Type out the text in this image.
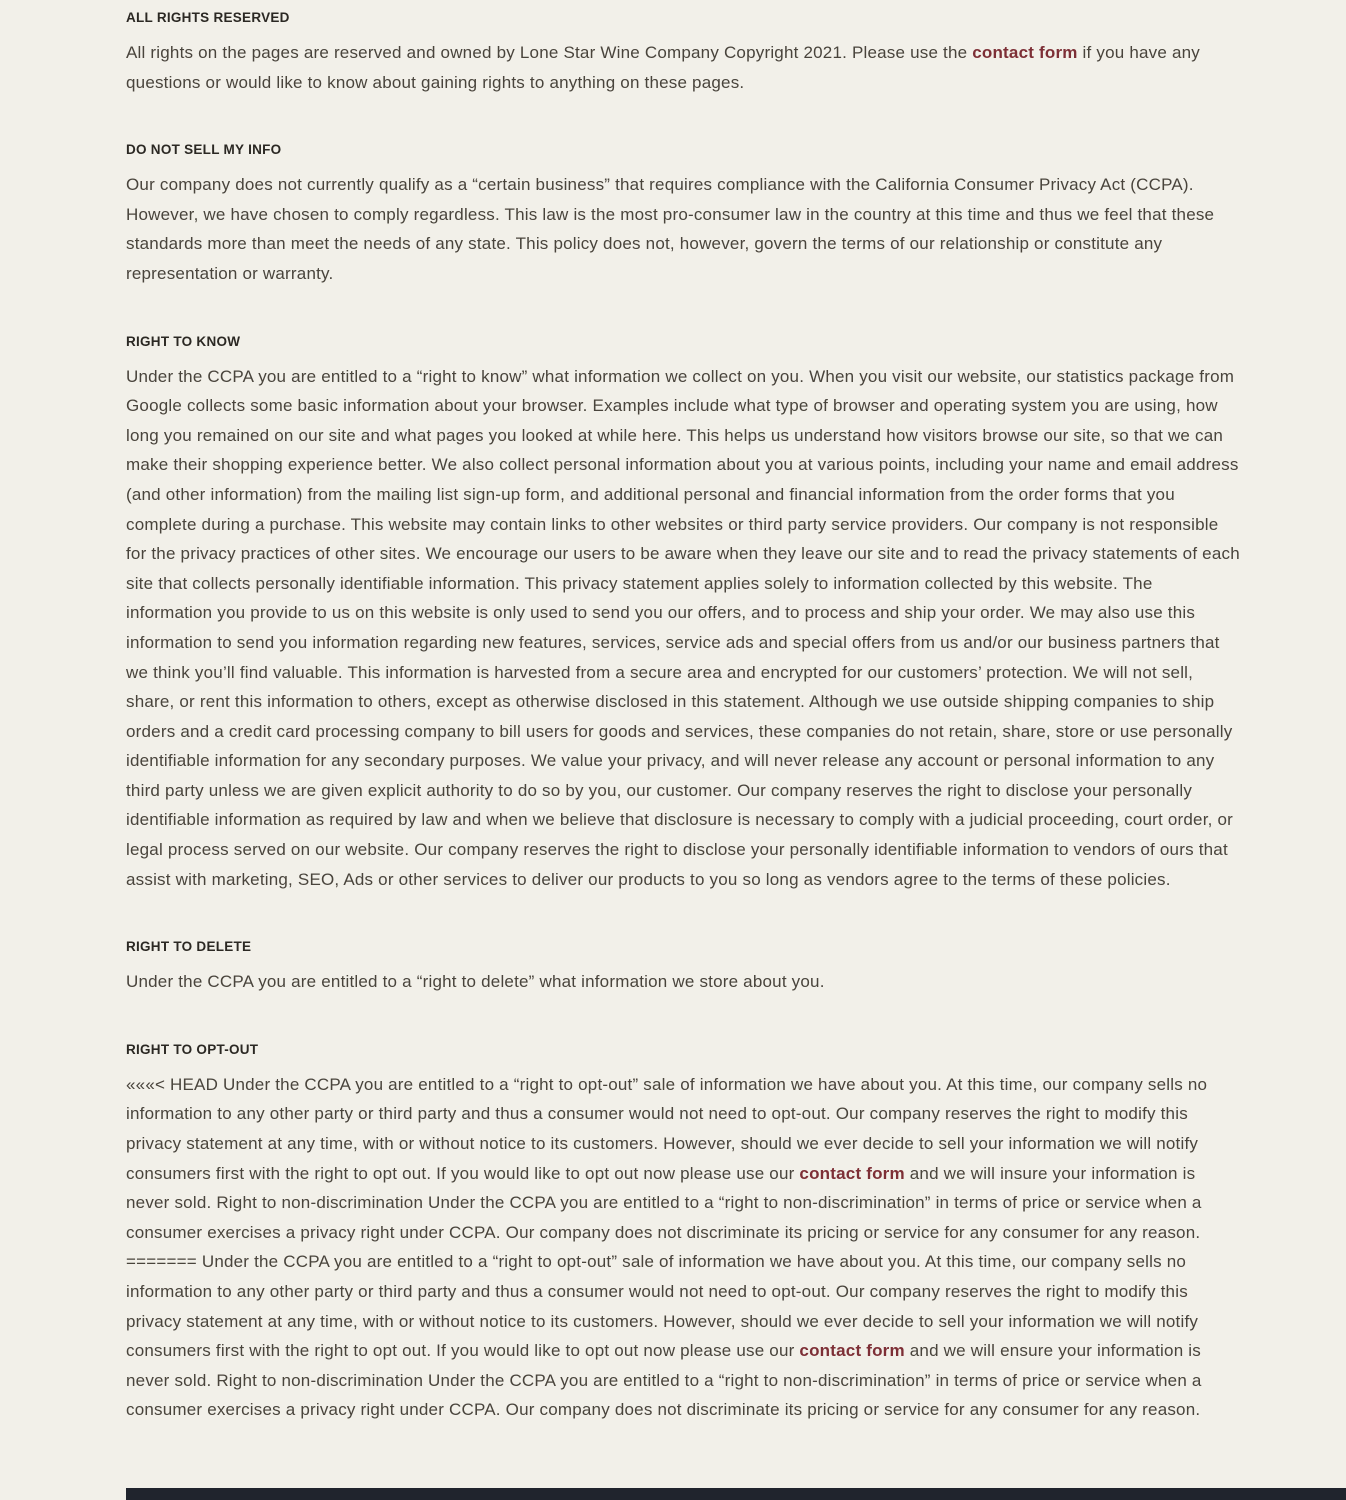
ALL RIGHTS RESERVED

All rights on the pages are reserved and owned by Lone Star Wine Company Copyright 2021. Please use the contact form if you have any questions or would like to know about gaining rights to anything on these pages.

DO NOT SELL MY INFO

Our company does not currently qualify as a “certain business” that requires compliance with the California Consumer Privacy Act (CCPA). However, we have chosen to comply regardless. This law is the most pro-consumer law in the country at this time and thus we feel that these standards more than meet the needs of any state. This policy does not, however, govern the terms of our relationship or constitute any representation or warranty.

RIGHT TO KNOW

Under the CCPA you are entitled to a “right to know” what information we collect on you. When you visit our website, our statistics package from Google collects some basic information about your browser. Examples include what type of browser and operating system you are using, how long you remained on our site and what pages you looked at while here. This helps us understand how visitors browse our site, so that we can make their shopping experience better. We also collect personal information about you at various points, including your name and email address (and other information) from the mailing list sign-up form, and additional personal and financial information from the order forms that you complete during a purchase. This website may contain links to other websites or third party service providers. Our company is not responsible for the privacy practices of other sites. We encourage our users to be aware when they leave our site and to read the privacy statements of each site that collects personally identifiable information. This privacy statement applies solely to information collected by this website. The information you provide to us on this website is only used to send you our offers, and to process and ship your order. We may also use this information to send you information regarding new features, services, service ads and special offers from us and/or our business partners that we think you’ll find valuable. This information is harvested from a secure area and encrypted for our customers’ protection. We will not sell, share, or rent this information to others, except as otherwise disclosed in this statement. Although we use outside shipping companies to ship orders and a credit card processing company to bill users for goods and services, these companies do not retain, share, store or use personally identifiable information for any secondary purposes. We value your privacy, and will never release any account or personal information to any third party unless we are given explicit authority to do so by you, our customer. Our company reserves the right to disclose your personally identifiable information as required by law and when we believe that disclosure is necessary to comply with a judicial proceeding, court order, or legal process served on our website. Our company reserves the right to disclose your personally identifiable information to vendors of ours that assist with marketing, SEO, Ads or other services to deliver our products to you so long as vendors agree to the terms of these policies.

RIGHT TO DELETE

Under the CCPA you are entitled to a “right to delete” what information we store about you.

RIGHT TO OPT-OUT

«««< HEAD Under the CCPA you are entitled to a “right to opt-out” sale of information we have about you. At this time, our company sells no information to any other party or third party and thus a consumer would not need to opt-out. Our company reserves the right to modify this privacy statement at any time, with or without notice to its customers. However, should we ever decide to sell your information we will notify consumers first with the right to opt out. If you would like to opt out now please use our contact form and we will insure your information is never sold. Right to non-discrimination Under the CCPA you are entitled to a “right to non-discrimination” in terms of price or service when a consumer exercises a privacy right under CCPA. Our company does not discriminate its pricing or service for any consumer for any reason. ======= Under the CCPA you are entitled to a “right to opt-out” sale of information we have about you. At this time, our company sells no information to any other party or third party and thus a consumer would not need to opt-out. Our company reserves the right to modify this privacy statement at any time, with or without notice to its customers. However, should we ever decide to sell your information we will notify consumers first with the right to opt out. If you would like to opt out now please use our contact form and we will ensure your information is never sold. Right to non-discrimination Under the CCPA you are entitled to a “right to non-discrimination” in terms of price or service when a consumer exercises a privacy right under CCPA. Our company does not discriminate its pricing or service for any consumer for any reason.
